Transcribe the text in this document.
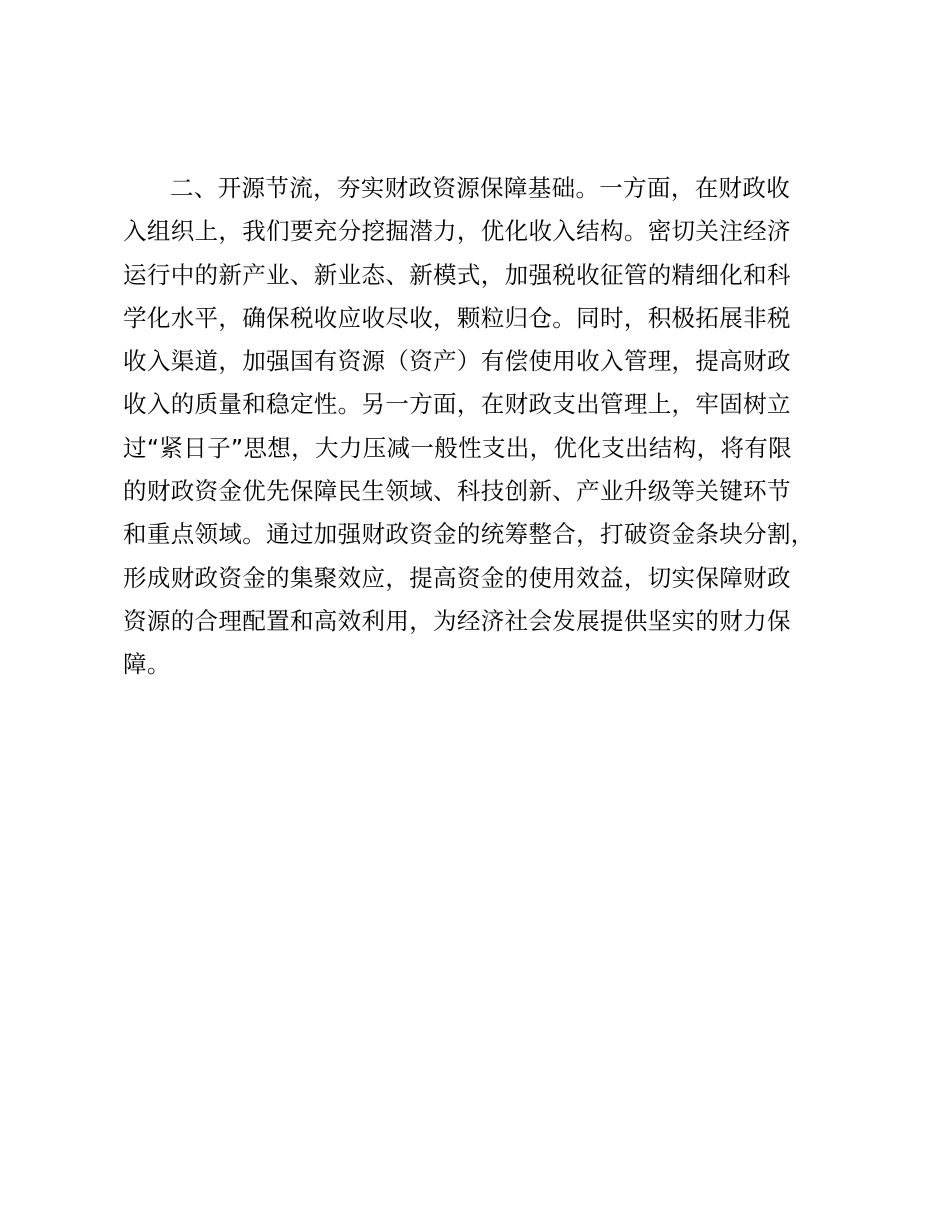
二、开源节流，夯实财政资源保障基础。一方面，在财政收
入组织上，我们要充分挖掘潜力，优化收入结构。密切关注经济
运行中的新产业、新业态、新模式，加强税收征管的精细化和科
学化水平，确保税收应收尽收，颗粒归仓。同时，积极拓展非税
收入渠道，加强国有资源（资产）有偿使用收入管理，提高财政
收入的质量和稳定性。另一方面，在财政支出管理上，牢固树立
过“紧日子”思想，大力压减一般性支出，优化支出结构，将有限
的财政资金优先保障民生领域、科技创新、产业升级等关键环节
和重点领域。通过加强财政资金的统筹整合，打破资金条块分割，
形成财政资金的集聚效应，提高资金的使用效益，切实保障财政
资源的合理配置和高效利用，为经济社会发展提供坚实的财力保
障。
